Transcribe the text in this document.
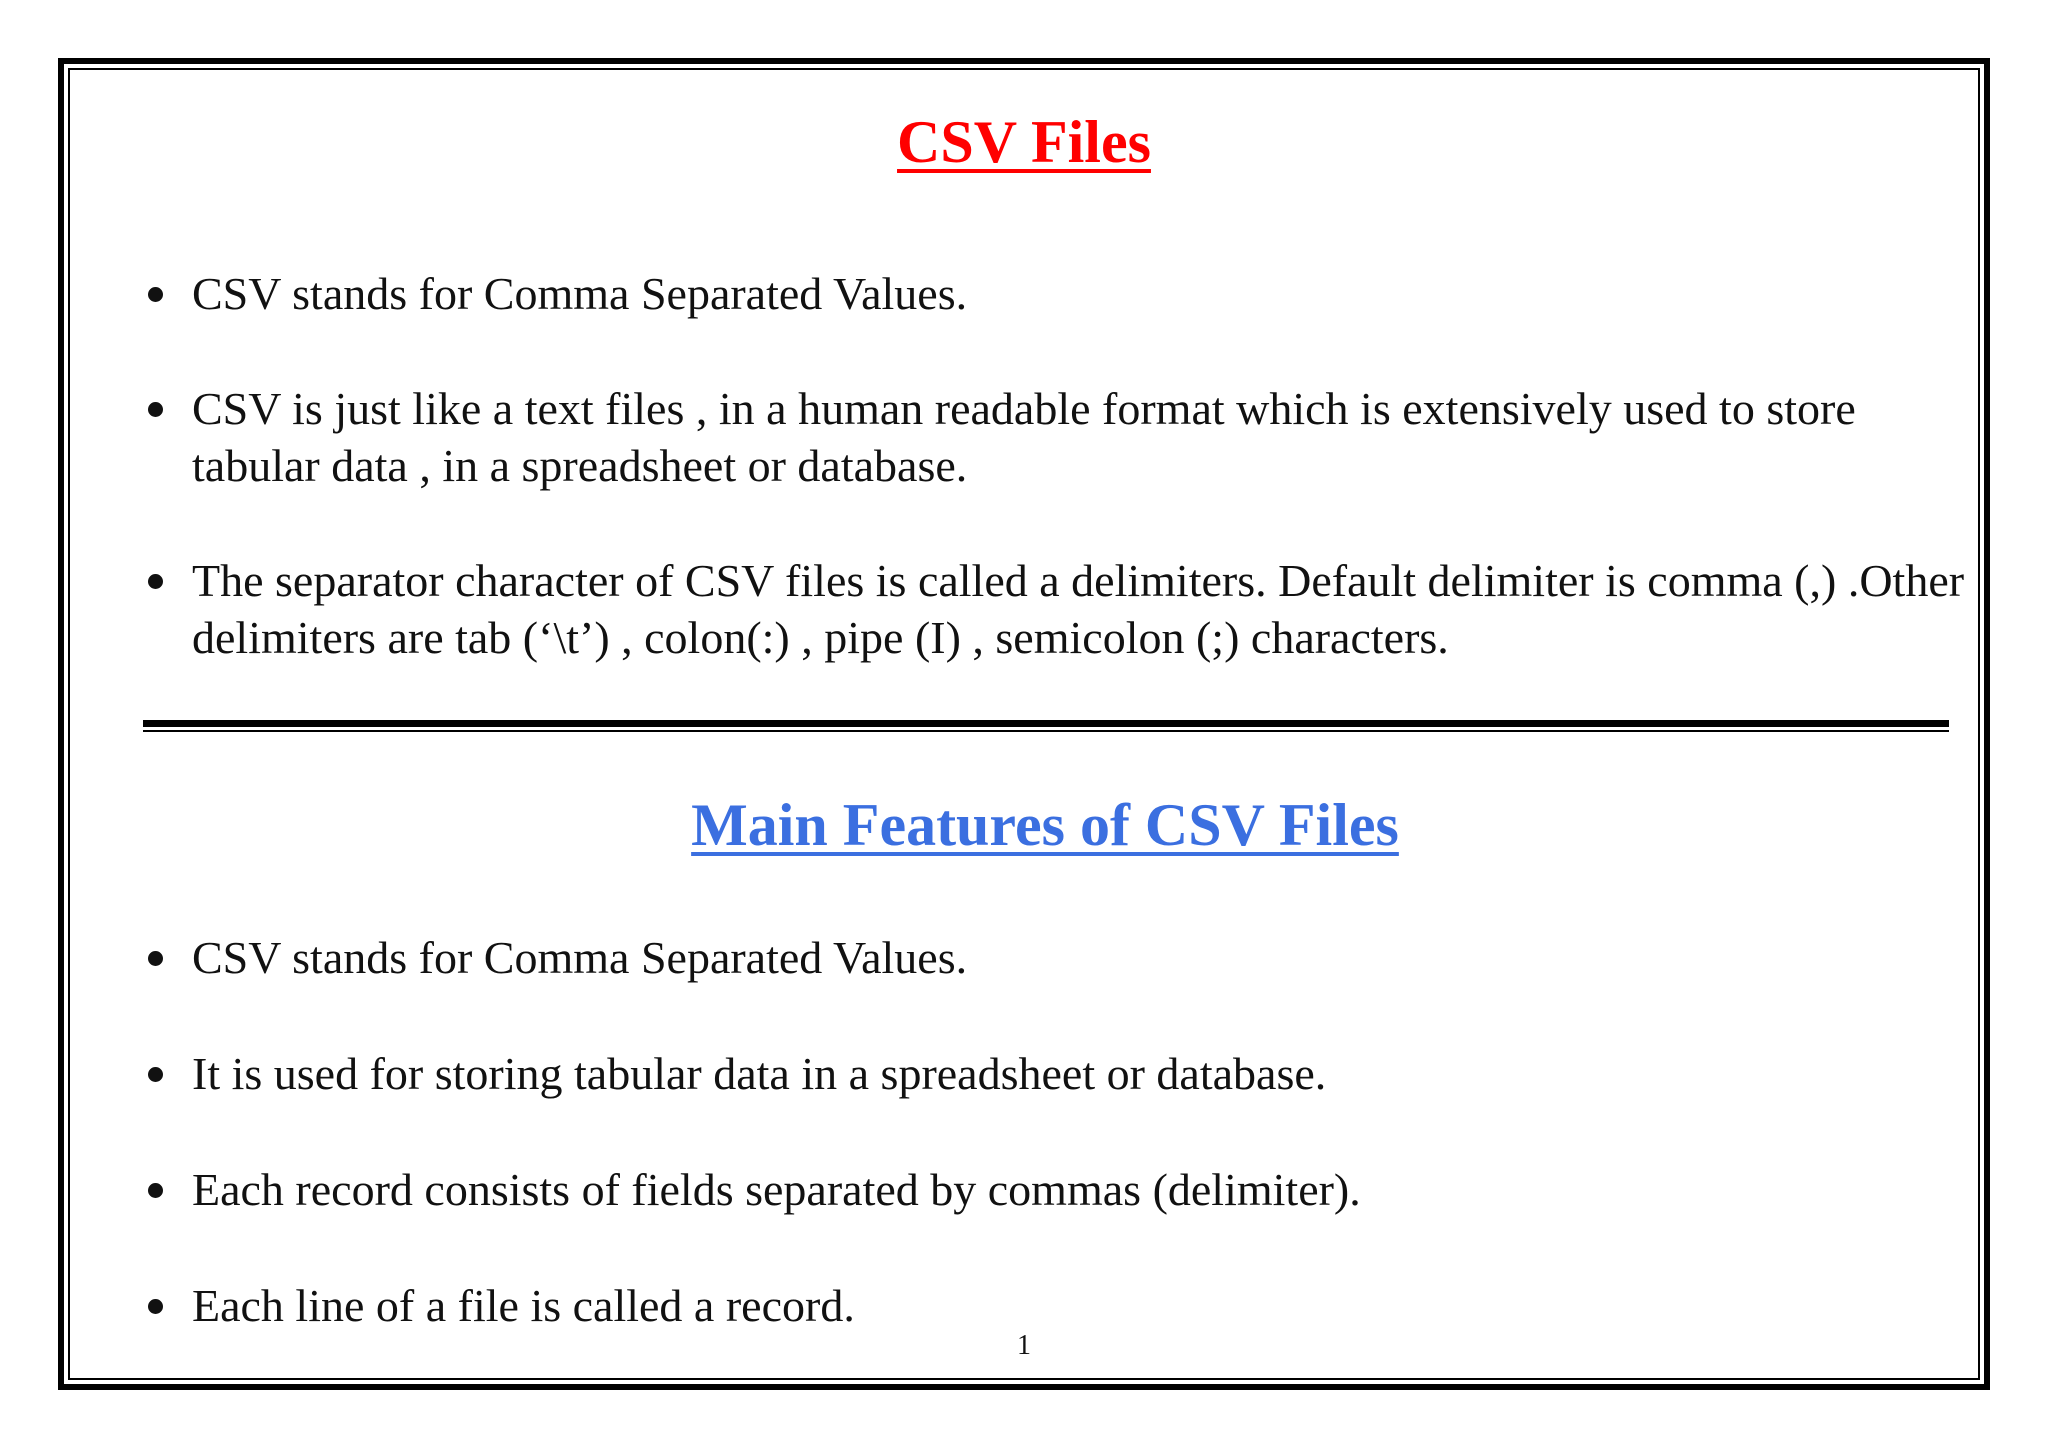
CSV Files
CSV stands for Comma Separated Values.
CSV is just like a text files , in a human readable format which is extensively used to store tabular data , in a spreadsheet or database.
The separator character of CSV files is called a delimiters. Default delimiter is comma (,) .Other delimiters are tab (‘\t’) , colon(:) , pipe (I) , semicolon (;) characters.
Main Features of CSV Files
CSV stands for Comma Separated Values.
It is used for storing tabular data in a spreadsheet or database.
Each record consists of fields separated by commas (delimiter).
Each line of a file is called a record.
1
